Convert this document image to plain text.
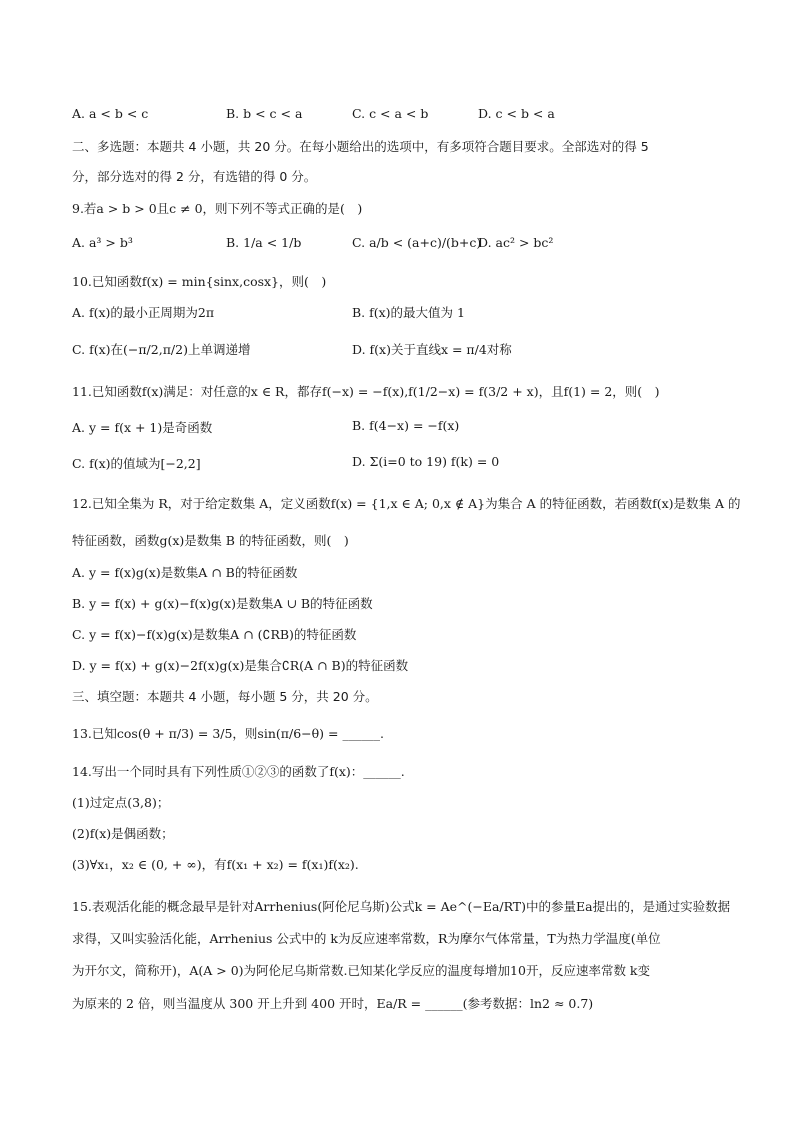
A. a < b < c	B. b < c < a	C. c < a < b	D. c < b < a
二、多选题：本题共 4 小题，共 20 分。在每小题给出的选项中，有多项符合题目要求。全部选对的得 5
分，部分选对的得 2 分，有选错的得 0 分。
9.若a > b > 0且c ≠ 0，则下列不等式正确的是(　)
A. a³ > b³	B. 1/a < 1/b	C. a/b < (a+c)/(b+c)
D. ac² > bc²
10.已知函数f(x) = min{sinx,cosx}，则(　)
A. f(x)的最小正周期为2π	B. f(x)的最大值为 1
C. f(x)在(−π/2,π/2)上单调递增	D. f(x)关于直线x = π/4对称
11.已知函数f(x)满足：对任意的x ∈ R，都存f(−x) = −f(x),f(1/2−x) = f(3/2 + x)，且f(1) = 2，则(　)
A. y = f(x + 1)是奇函数	B. f(4−x) = −f(x)
C. f(x)的值域为[−2,2]	D. Σ(i=0 to 19) f(k) = 0
12.已知全集为 R，对于给定数集 A，定义函数f(x) = {1,x ∈ A; 0,x ∉ A}为集合 A 的特征函数，若函数f(x)是数集 A 的
特征函数，函数g(x)是数集 B 的特征函数，则(　)
A. y = f(x)g(x)是数集A ∩ B的特征函数
B. y = f(x) + g(x)−f(x)g(x)是数集A ∪ B的特征函数
C. y = f(x)−f(x)g(x)是数集A ∩ (∁RB)的特征函数
D. y = f(x) + g(x)−2f(x)g(x)是集合∁R(A ∩ B)的特征函数
三、填空题：本题共 4 小题，每小题 5 分，共 20 分。
13.已知cos(θ + π/3) = 3/5，则sin(π/6−θ) = ______.
14.写出一个同时具有下列性质①②③的函数了f(x)：______.
(1)过定点(3,8)；
(2)f(x)是偶函数；
(3)∀x₁，x₂ ∈ (0, + ∞)，有f(x₁ + x₂) = f(x₁)f(x₂).
15.表观活化能的概念最早是针对Arrhenius(阿伦尼乌斯)公式k = Ae^(−Ea/RT)中的参量Ea提出的，是通过实验数据
求得，又叫实验活化能，Arrhenius 公式中的 k为反应速率常数，R为摩尔气体常量，T为热力学温度(单位
为开尔文，简称开)，A(A > 0)为阿伦尼乌斯常数.已知某化学反应的温度每增加10开，反应速率常数 k变
为原来的 2 倍，则当温度从 300 开上升到 400 开时，Ea/R = ______(参考数据：ln2 ≈ 0.7)
